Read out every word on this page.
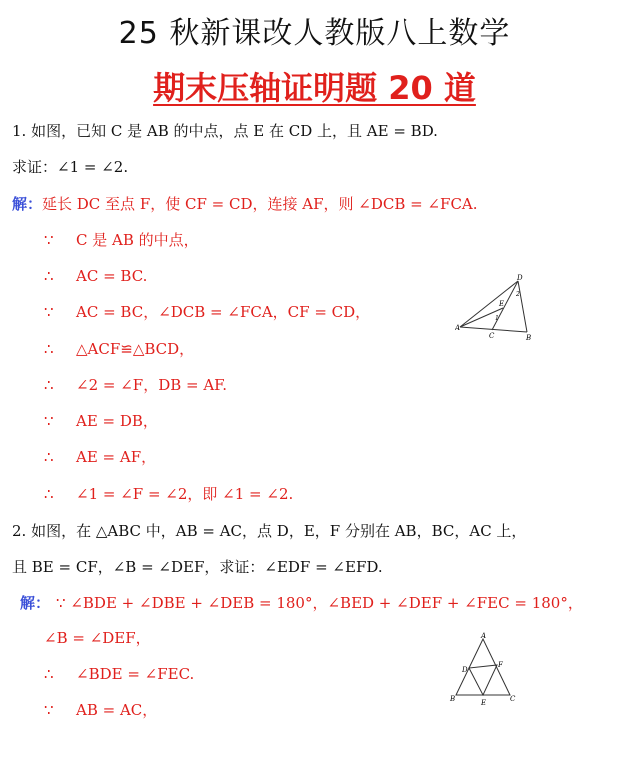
25 秋新课改人教版八上数学
期末压轴证明题 20 道
1. 如图，已知 C 是 AB 的中点，点 E 在 CD 上，且 AE = BD.
求证：∠1 = ∠2.
解：延长 DC 至点 F，使 CF = CD，连接 AF，则 ∠DCB = ∠FCA.
∵ C 是 AB 的中点，
∴ AC = BC.
∵ AC = BC，∠DCB = ∠FCA，CF = CD，
∴ △ACF≌△BCD，
∴ ∠2 = ∠F，DB = AF.
∵ AE = DB，
∴ AE = AF，
∴ ∠1 = ∠F = ∠2，即 ∠1 = ∠2.
D
E
A
C	B
1
2
2. 如图，在 △ABC 中，AB = AC，点 D，E，F 分别在 AB，BC，AC 上，
且 BE = CF，∠B = ∠DEF，求证：∠EDF = ∠EFD.
解： ∵ ∠BDE + ∠DBE + ∠DEB = 180°，∠BED + ∠DEF + ∠FEC = 180°，
∠B = ∠DEF，
∴ ∠BDE = ∠FEC.
∵ AB = AC，
A
D
F
B	E	C
